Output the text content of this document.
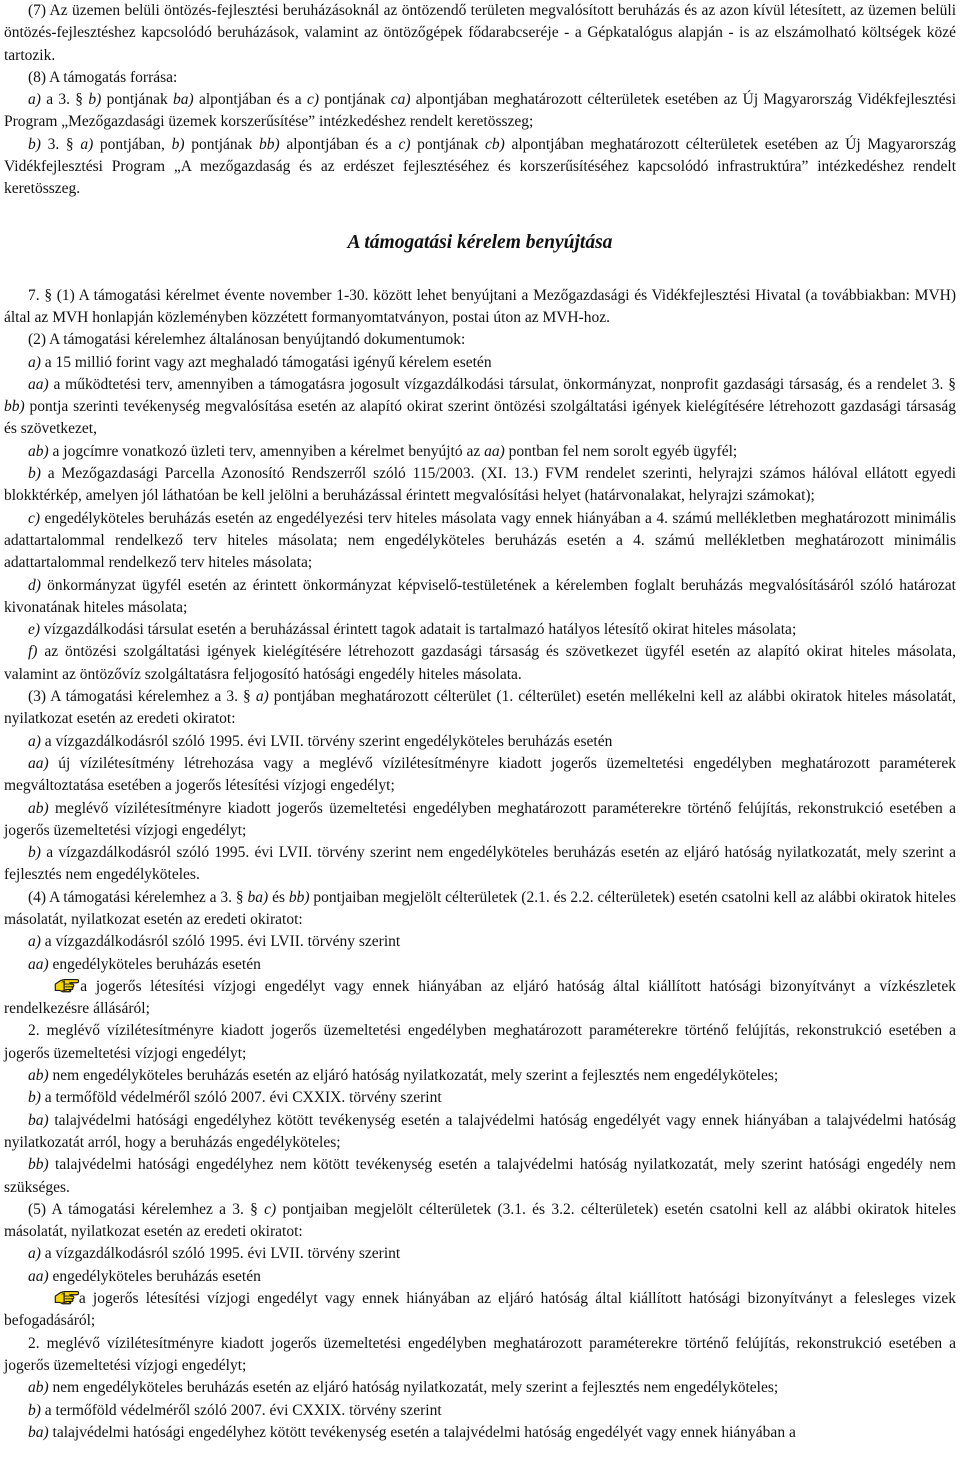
(7) Az üzemen belüli öntözés-fejlesztési beruházásoknál az öntözendő területen megvalósított beruházás és az azon kívül létesített, az üzemen belüli öntözés-fejlesztéshez kapcsolódó beruházások, valamint az öntözőgépek fődarabcseréje - a Gépkatalógus alapján - is az elszámolható költségek közé tartozik.

(8) A támogatás forrása:

a) a 3. § b) pontjának ba) alpontjában és a c) pontjának ca) alpontjában meghatározott célterületek esetében az Új Magyarország Vidékfejlesztési Program „Mezőgazdasági üzemek korszerűsítése” intézkedéshez rendelt keretösszeg;

b) 3. § a) pontjában, b) pontjának bb) alpontjában és a c) pontjának cb) alpontjában meghatározott célterületek esetében az Új Magyarország Vidékfejlesztési Program „A mezőgazdaság és az erdészet fejlesztéséhez és korszerűsítéséhez kapcsolódó infrastruktúra” intézkedéshez rendelt keretösszeg.

A támogatási kérelem benyújtása

7. § (1) A támogatási kérelmet évente november 1-30. között lehet benyújtani a Mezőgazdasági és Vidékfejlesztési Hivatal (a továbbiakban: MVH) által az MVH honlapján közleményben közzétett formanyomtatványon, postai úton az MVH-hoz.

(2) A támogatási kérelemhez általánosan benyújtandó dokumentumok:

a) a 15 millió forint vagy azt meghaladó támogatási igényű kérelem esetén

aa) a működtetési terv, amennyiben a támogatásra jogosult vízgazdálkodási társulat, önkormányzat, nonprofit gazdasági társaság, és a rendelet 3. § bb) pontja szerinti tevékenység megvalósítása esetén az alapító okirat szerint öntözési szolgáltatási igények kielégítésére létrehozott gazdasági társaság és szövetkezet,

ab) a jogcímre vonatkozó üzleti terv, amennyiben a kérelmet benyújtó az aa) pontban fel nem sorolt egyéb ügyfél;

b) a Mezőgazdasági Parcella Azonosító Rendszerről szóló 115/2003. (XI. 13.) FVM rendelet szerinti, helyrajzi számos hálóval ellátott egyedi blokktérkép, amelyen jól láthatóan be kell jelölni a beruházással érintett megvalósítási helyet (határvonalakat, helyrajzi számokat);

c) engedélyköteles beruházás esetén az engedélyezési terv hiteles másolata vagy ennek hiányában a 4. számú mellékletben meghatározott minimális adattartalommal rendelkező terv hiteles másolata; nem engedélyköteles beruházás esetén a 4. számú mellékletben meghatározott minimális adattartalommal rendelkező terv hiteles másolata;

d) önkormányzat ügyfél esetén az érintett önkormányzat képviselő-testületének a kérelemben foglalt beruházás megvalósításáról szóló határozat kivonatának hiteles másolata;

e) vízgazdálkodási társulat esetén a beruházással érintett tagok adatait is tartalmazó hatályos létesítő okirat hiteles másolata;

f) az öntözési szolgáltatási igények kielégítésére létrehozott gazdasági társaság és szövetkezet ügyfél esetén az alapító okirat hiteles másolata, valamint az öntözővíz szolgáltatásra feljogosító hatósági engedély hiteles másolata.

(3) A támogatási kérelemhez a 3. § a) pontjában meghatározott célterület (1. célterület) esetén mellékelni kell az alábbi okiratok hiteles másolatát, nyilatkozat esetén az eredeti okiratot:

a) a vízgazdálkodásról szóló 1995. évi LVII. törvény szerint engedélyköteles beruházás esetén

aa) új vízilétesítmény létrehozása vagy a meglévő vízilétesítményre kiadott jogerős üzemeltetési engedélyben meghatározott paraméterek megváltoztatása esetében a jogerős létesítési vízjogi engedélyt;

ab) meglévő vízilétesítményre kiadott jogerős üzemeltetési engedélyben meghatározott paraméterekre történő felújítás, rekonstrukció esetében a jogerős üzemeltetési vízjogi engedélyt;

b) a vízgazdálkodásról szóló 1995. évi LVII. törvény szerint nem engedélyköteles beruházás esetén az eljáró hatóság nyilatkozatát, mely szerint a fejlesztés nem engedélyköteles.

(4) A támogatási kérelemhez a 3. § ba) és bb) pontjaiban megjelölt célterületek (2.1. és 2.2. célterületek) esetén csatolni kell az alábbi okiratok hiteles másolatát, nyilatkozat esetén az eredeti okiratot:

a) a vízgazdálkodásról szóló 1995. évi LVII. törvény szerint

aa) engedélyköteles beruházás esetén

1. a jogerős létesítési vízjogi engedélyt vagy ennek hiányában az eljáró hatóság által kiállított hatósági bizonyítványt a vízkészletek rendelkezésre állásáról;

2. meglévő vízilétesítményre kiadott jogerős üzemeltetési engedélyben meghatározott paraméterekre történő felújítás, rekonstrukció esetében a jogerős üzemeltetési vízjogi engedélyt;

ab) nem engedélyköteles beruházás esetén az eljáró hatóság nyilatkozatát, mely szerint a fejlesztés nem engedélyköteles;

b) a termőföld védelméről szóló 2007. évi CXXIX. törvény szerint

ba) talajvédelmi hatósági engedélyhez kötött tevékenység esetén a talajvédelmi hatóság engedélyét vagy ennek hiányában a talajvédelmi hatóság nyilatkozatát arról, hogy a beruházás engedélyköteles;

bb) talajvédelmi hatósági engedélyhez nem kötött tevékenység esetén a talajvédelmi hatóság nyilatkozatát, mely szerint hatósági engedély nem szükséges.

(5) A támogatási kérelemhez a 3. § c) pontjaiban megjelölt célterületek (3.1. és 3.2. célterületek) esetén csatolni kell az alábbi okiratok hiteles másolatát, nyilatkozat esetén az eredeti okiratot:

a) a vízgazdálkodásról szóló 1995. évi LVII. törvény szerint

aa) engedélyköteles beruházás esetén

1. a jogerős létesítési vízjogi engedélyt vagy ennek hiányában az eljáró hatóság által kiállított hatósági bizonyítványt a felesleges vizek befogadásáról;

2. meglévő vízilétesítményre kiadott jogerős üzemeltetési engedélyben meghatározott paraméterekre történő felújítás, rekonstrukció esetében a jogerős üzemeltetési vízjogi engedélyt;

ab) nem engedélyköteles beruházás esetén az eljáró hatóság nyilatkozatát, mely szerint a fejlesztés nem engedélyköteles;

b) a termőföld védelméről szóló 2007. évi CXXIX. törvény szerint

ba) talajvédelmi hatósági engedélyhez kötött tevékenység esetén a talajvédelmi hatóság engedélyét vagy ennek hiányában a
